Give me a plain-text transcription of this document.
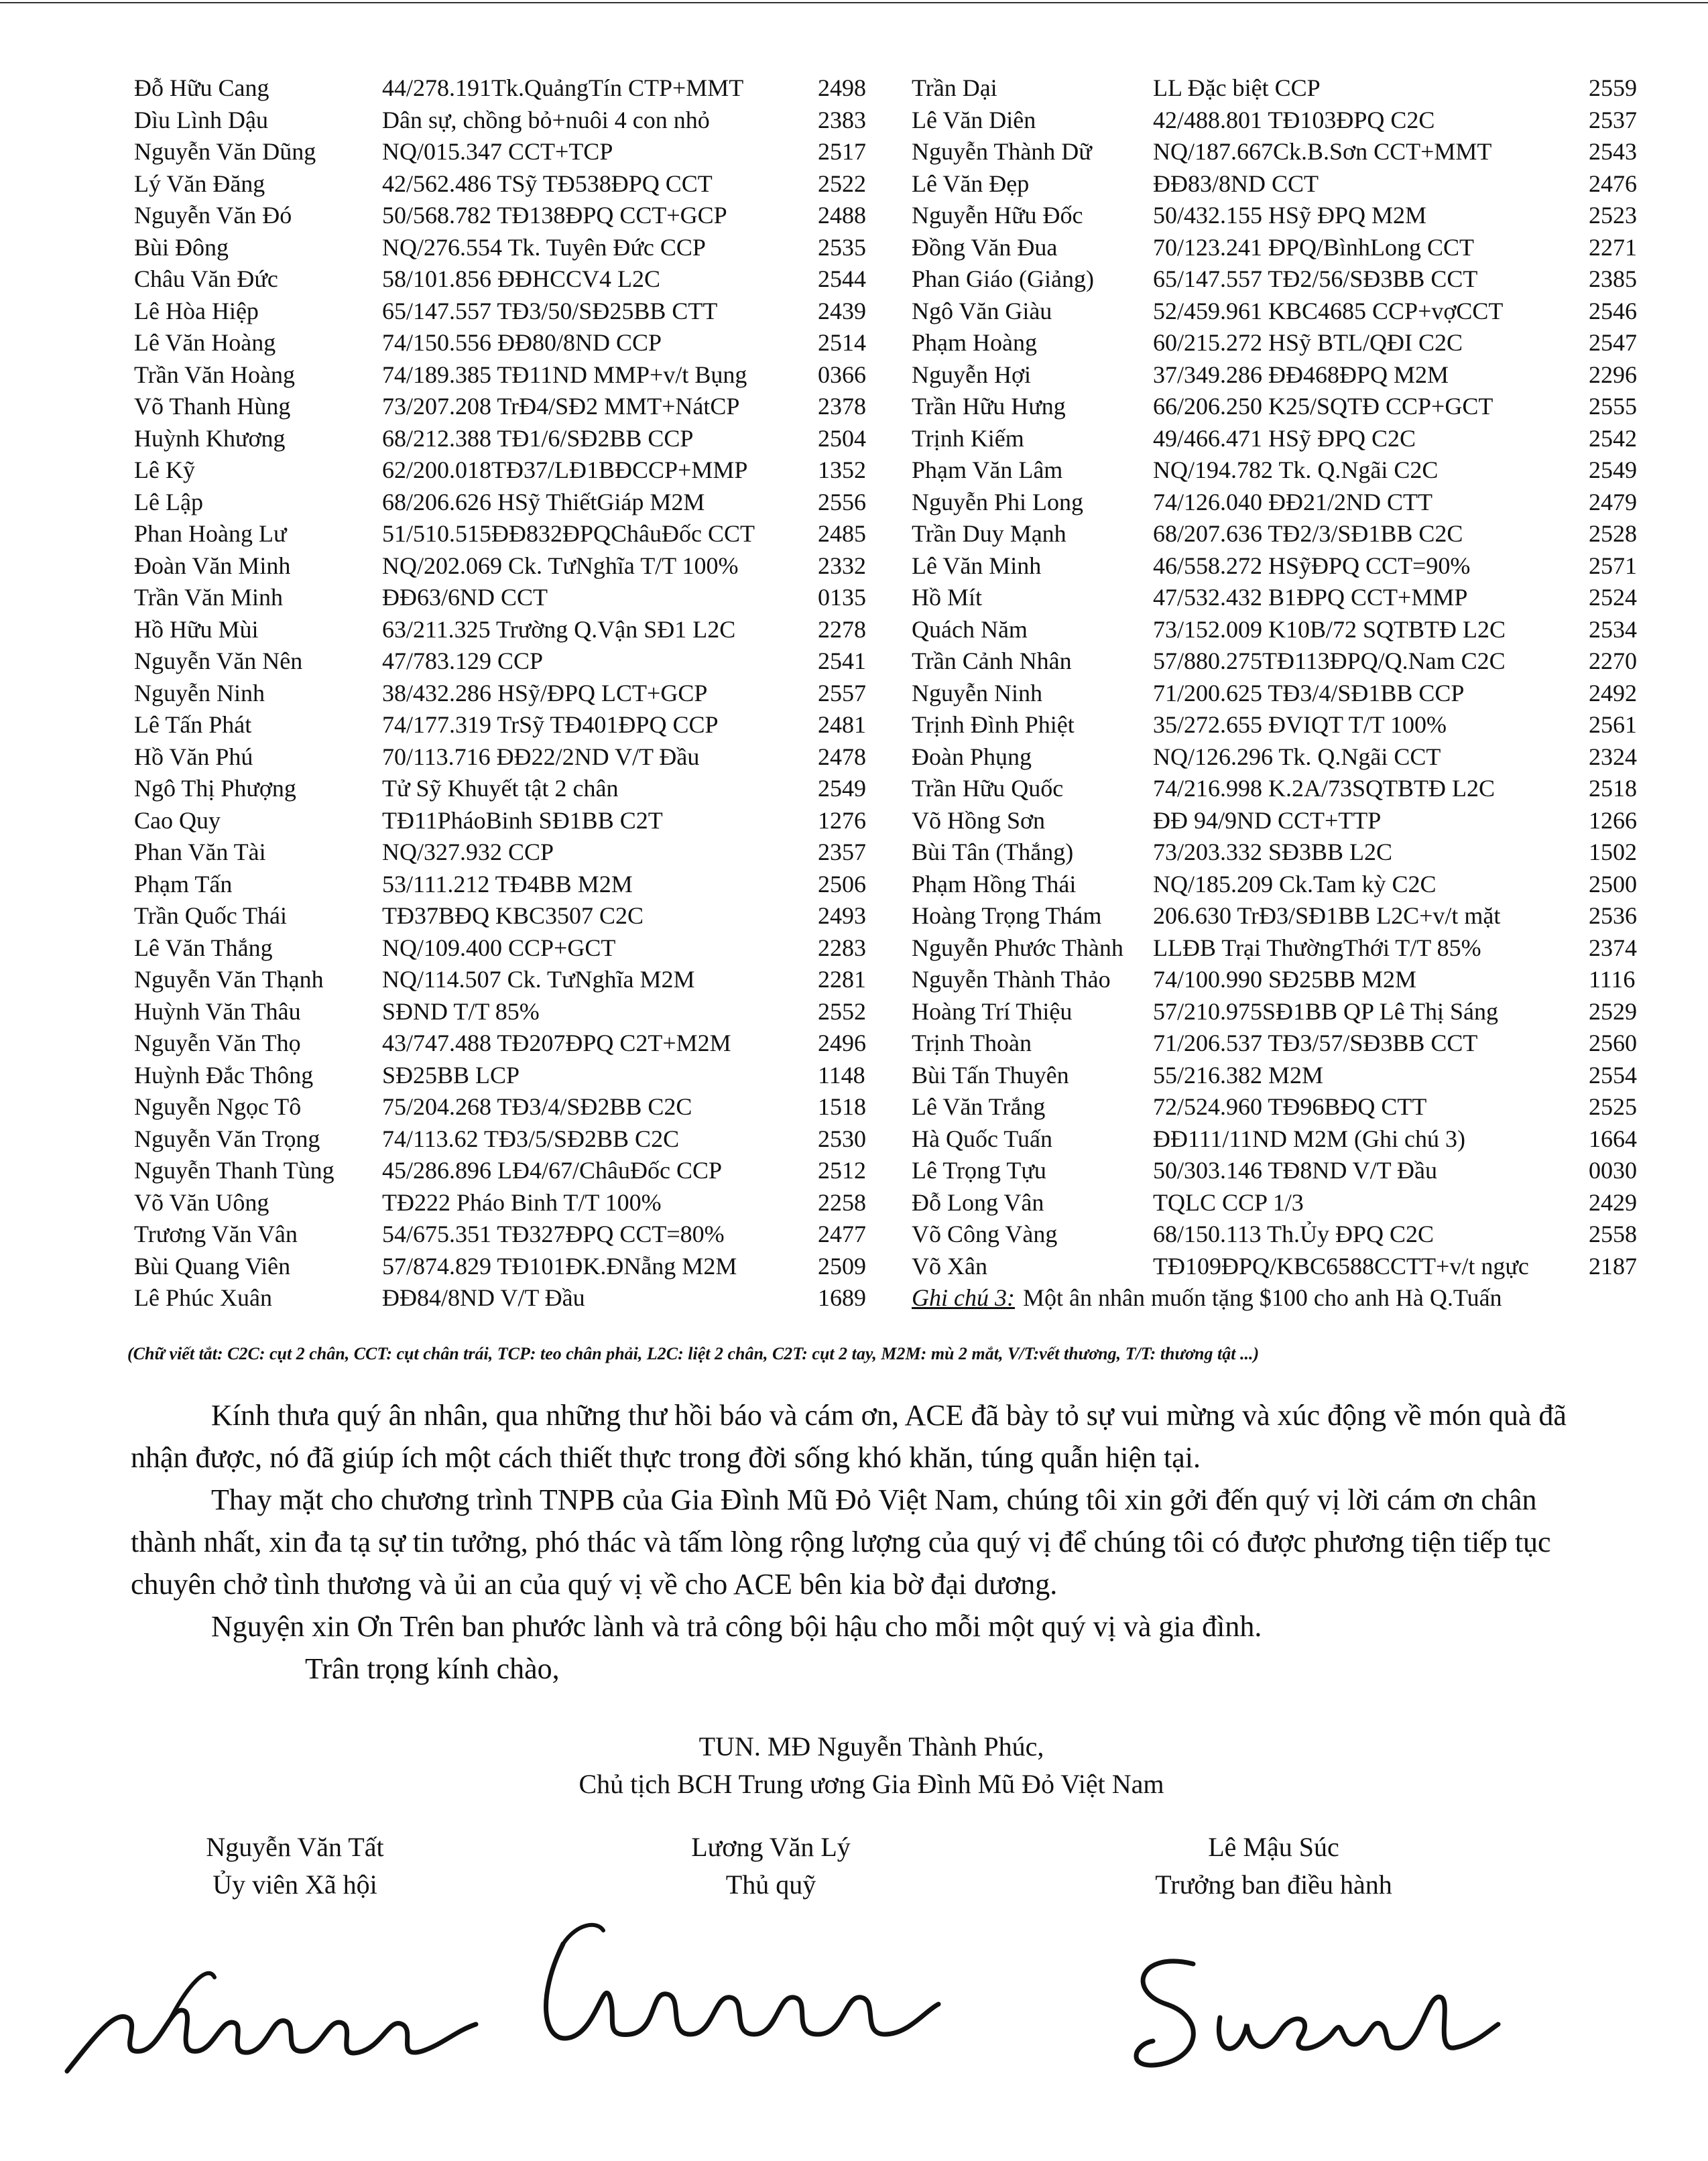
Đỗ Hữu Cang	44/278.191Tk.QuảngTín CTP+MMT	2498
Dìu Lình Dậu	Dân sự, chồng bỏ+nuôi 4 con nhỏ	2383
Nguyễn Văn Dũng	NQ/015.347 CCT+TCP	2517
Lý Văn Đăng	42/562.486 TSỹ TĐ538ĐPQ CCT	2522
Nguyễn Văn Đó	50/568.782 TĐ138ĐPQ CCT+GCP	2488
Bùi Đông	NQ/276.554 Tk. Tuyên Đức CCP	2535
Châu Văn Đức	58/101.856 ĐĐHCCV4 L2C	2544
Lê Hòa Hiệp	65/147.557 TĐ3/50/SĐ25BB CTT	2439
Lê Văn Hoàng	74/150.556 ĐĐ80/8ND CCP	2514
Trần Văn Hoàng	74/189.385 TĐ11ND MMP+v/t Bụng	0366
Võ Thanh Hùng	73/207.208 TrĐ4/SĐ2 MMT+NátCP	2378
Huỳnh Khương	68/212.388 TĐ1/6/SĐ2BB CCP	2504
Lê Kỹ	62/200.018TĐ37/LĐ1BĐCCP+MMP	1352
Lê Lập	68/206.626 HSỹ ThiếtGiáp M2M	2556
Phan Hoàng Lư	51/510.515ĐĐ832ĐPQChâuĐốc CCT	2485
Đoàn Văn Minh	NQ/202.069 Ck. TưNghĩa T/T 100%	2332
Trần Văn Minh	ĐĐ63/6ND CCT	0135
Hồ Hữu Mùi	63/211.325 Trường Q.Vận SĐ1 L2C	2278
Nguyễn Văn Nên	47/783.129 CCP	2541
Nguyễn Ninh	38/432.286 HSỹ/ĐPQ LCT+GCP	2557
Lê Tấn Phát	74/177.319 TrSỹ TĐ401ĐPQ CCP	2481
Hồ Văn Phú	70/113.716 ĐĐ22/2ND V/T Đầu	2478
Ngô Thị Phượng	Tử Sỹ Khuyết tật 2 chân	2549
Cao Quy	TĐ11PháoBinh SĐ1BB C2T	1276
Phan Văn Tài	NQ/327.932 CCP	2357
Phạm Tấn	53/111.212 TĐ4BB M2M	2506
Trần Quốc Thái	TĐ37BĐQ KBC3507 C2C	2493
Lê Văn Thắng	NQ/109.400 CCP+GCT	2283
Nguyễn Văn Thạnh	NQ/114.507 Ck. TưNghĩa M2M	2281
Huỳnh Văn Thâu	SĐND T/T 85%	2552
Nguyễn Văn Thọ	43/747.488 TĐ207ĐPQ C2T+M2M	2496
Huỳnh Đắc Thông	SĐ25BB LCP	1148
Nguyễn Ngọc Tô	75/204.268 TĐ3/4/SĐ2BB C2C	1518
Nguyễn Văn Trọng	74/113.62 TĐ3/5/SĐ2BB C2C	2530
Nguyễn Thanh Tùng	45/286.896 LĐ4/67/ChâuĐốc CCP	2512
Võ Văn Uông	TĐ222 Pháo Binh T/T 100%	2258
Trương Văn Vân	54/675.351 TĐ327ĐPQ CCT=80%	2477
Bùi Quang Viên	57/874.829 TĐ101ĐK.ĐNẵng M2M	2509
Lê Phúc Xuân	ĐĐ84/8ND V/T Đầu	1689
Trần Dại	LL Đặc biệt CCP	2559
Lê Văn Diên	42/488.801 TĐ103ĐPQ C2C	2537
Nguyễn Thành Dữ	NQ/187.667Ck.B.Sơn CCT+MMT	2543
Lê Văn Đẹp	ĐĐ83/8ND CCT	2476
Nguyễn Hữu Đốc	50/432.155 HSỹ ĐPQ M2M	2523
Đồng Văn Đua	70/123.241 ĐPQ/BìnhLong CCT	2271
Phan Giáo (Giảng)	65/147.557 TĐ2/56/SĐ3BB CCT	2385
Ngô Văn Giàu	52/459.961 KBC4685 CCP+vợCCT	2546
Phạm Hoàng	60/215.272 HSỹ BTL/QĐI C2C	2547
Nguyễn Hợi	37/349.286 ĐĐ468ĐPQ M2M	2296
Trần Hữu Hưng	66/206.250 K25/SQTĐ CCP+GCT	2555
Trịnh Kiếm	49/466.471 HSỹ ĐPQ C2C	2542
Phạm Văn Lâm	NQ/194.782 Tk. Q.Ngãi C2C	2549
Nguyễn Phi Long	74/126.040 ĐĐ21/2ND CTT	2479
Trần Duy Mạnh	68/207.636 TĐ2/3/SĐ1BB C2C	2528
Lê Văn Minh	46/558.272 HSỹĐPQ CCT=90%	2571
Hồ Mít	47/532.432 B1ĐPQ CCT+MMP	2524
Quách Năm	73/152.009 K10B/72 SQTBTĐ L2C	2534
Trần Cảnh Nhân	57/880.275TĐ113ĐPQ/Q.Nam C2C	2270
Nguyễn Ninh	71/200.625 TĐ3/4/SĐ1BB CCP	2492
Trịnh Đình Phiệt	35/272.655 ĐVIQT T/T 100%	2561
Đoàn Phụng	NQ/126.296 Tk. Q.Ngãi CCT	2324
Trần Hữu Quốc	74/216.998 K.2A/73SQTBTĐ L2C	2518
Võ Hồng Sơn	ĐĐ 94/9ND CCT+TTP	1266
Bùi Tân (Thắng)	73/203.332 SĐ3BB L2C	1502
Phạm Hồng Thái	NQ/185.209 Ck.Tam kỳ C2C	2500
Hoàng Trọng Thám	206.630 TrĐ3/SĐ1BB L2C+v/t mặt	2536
Nguyễn Phước Thành	LLĐB Trại ThườngThới T/T 85%	2374
Nguyễn Thành Thảo	74/100.990 SĐ25BB M2M	1116
Hoàng Trí Thiệu	57/210.975SĐ1BB QP Lê Thị Sáng	2529
Trịnh Thoàn	71/206.537 TĐ3/57/SĐ3BB CCT	2560
Bùi Tấn Thuyên	55/216.382 M2M	2554
Lê Văn Trắng	72/524.960 TĐ96BĐQ CTT	2525
Hà Quốc Tuấn	ĐĐ111/11ND M2M (Ghi chú 3)	1664
Lê Trọng Tựu	50/303.146 TĐ8ND V/T Đầu	0030
Đỗ Long Vân	TQLC CCP 1/3	2429
Võ Công Vàng	68/150.113 Th.Ủy ĐPQ C2C	2558
Võ Xân	TĐ109ĐPQ/KBC6588CCTT+v/t ngực	2187
Ghi chú 3: Một ân nhân muốn tặng $100 cho anh Hà Q.Tuấn
(Chữ viết tắt: C2C: cụt 2 chân, CCT: cụt chân trái, TCP: teo chân phải, L2C: liệt 2 chân, C2T: cụt 2 tay, M2M: mù 2 mắt, V/T:vết thương, T/T: thương tật ...)

Kính thưa quý ân nhân, qua những thư hồi báo và cám ơn, ACE đã bày tỏ sự vui mừng và xúc động về món quà đã nhận được, nó đã giúp ích một cách thiết thực trong đời sống khó khăn, túng quẫn hiện tại.

Thay mặt cho chương trình TNPB của Gia Đình Mũ Đỏ Việt Nam, chúng tôi xin gởi đến quý vị lời cám ơn chân thành nhất, xin đa tạ sự tin tưởng, phó thác và tấm lòng rộng lượng của quý vị để chúng tôi có được phương tiện tiếp tục chuyên chở tình thương và ủi an của quý vị về cho ACE bên kia bờ đại dương.

Nguyện xin Ơn Trên ban phước lành và trả công bội hậu cho mỗi một quý vị và gia đình.

Trân trọng kính chào,

TUN. MĐ Nguyễn Thành Phúc,
Chủ tịch BCH Trung ương Gia Đình Mũ Đỏ Việt Nam
Nguyễn Văn Tất
Ủy viên Xã hội
Lương Văn Lý
Thủ quỹ
Lê Mậu Súc
Trưởng ban điều hành
